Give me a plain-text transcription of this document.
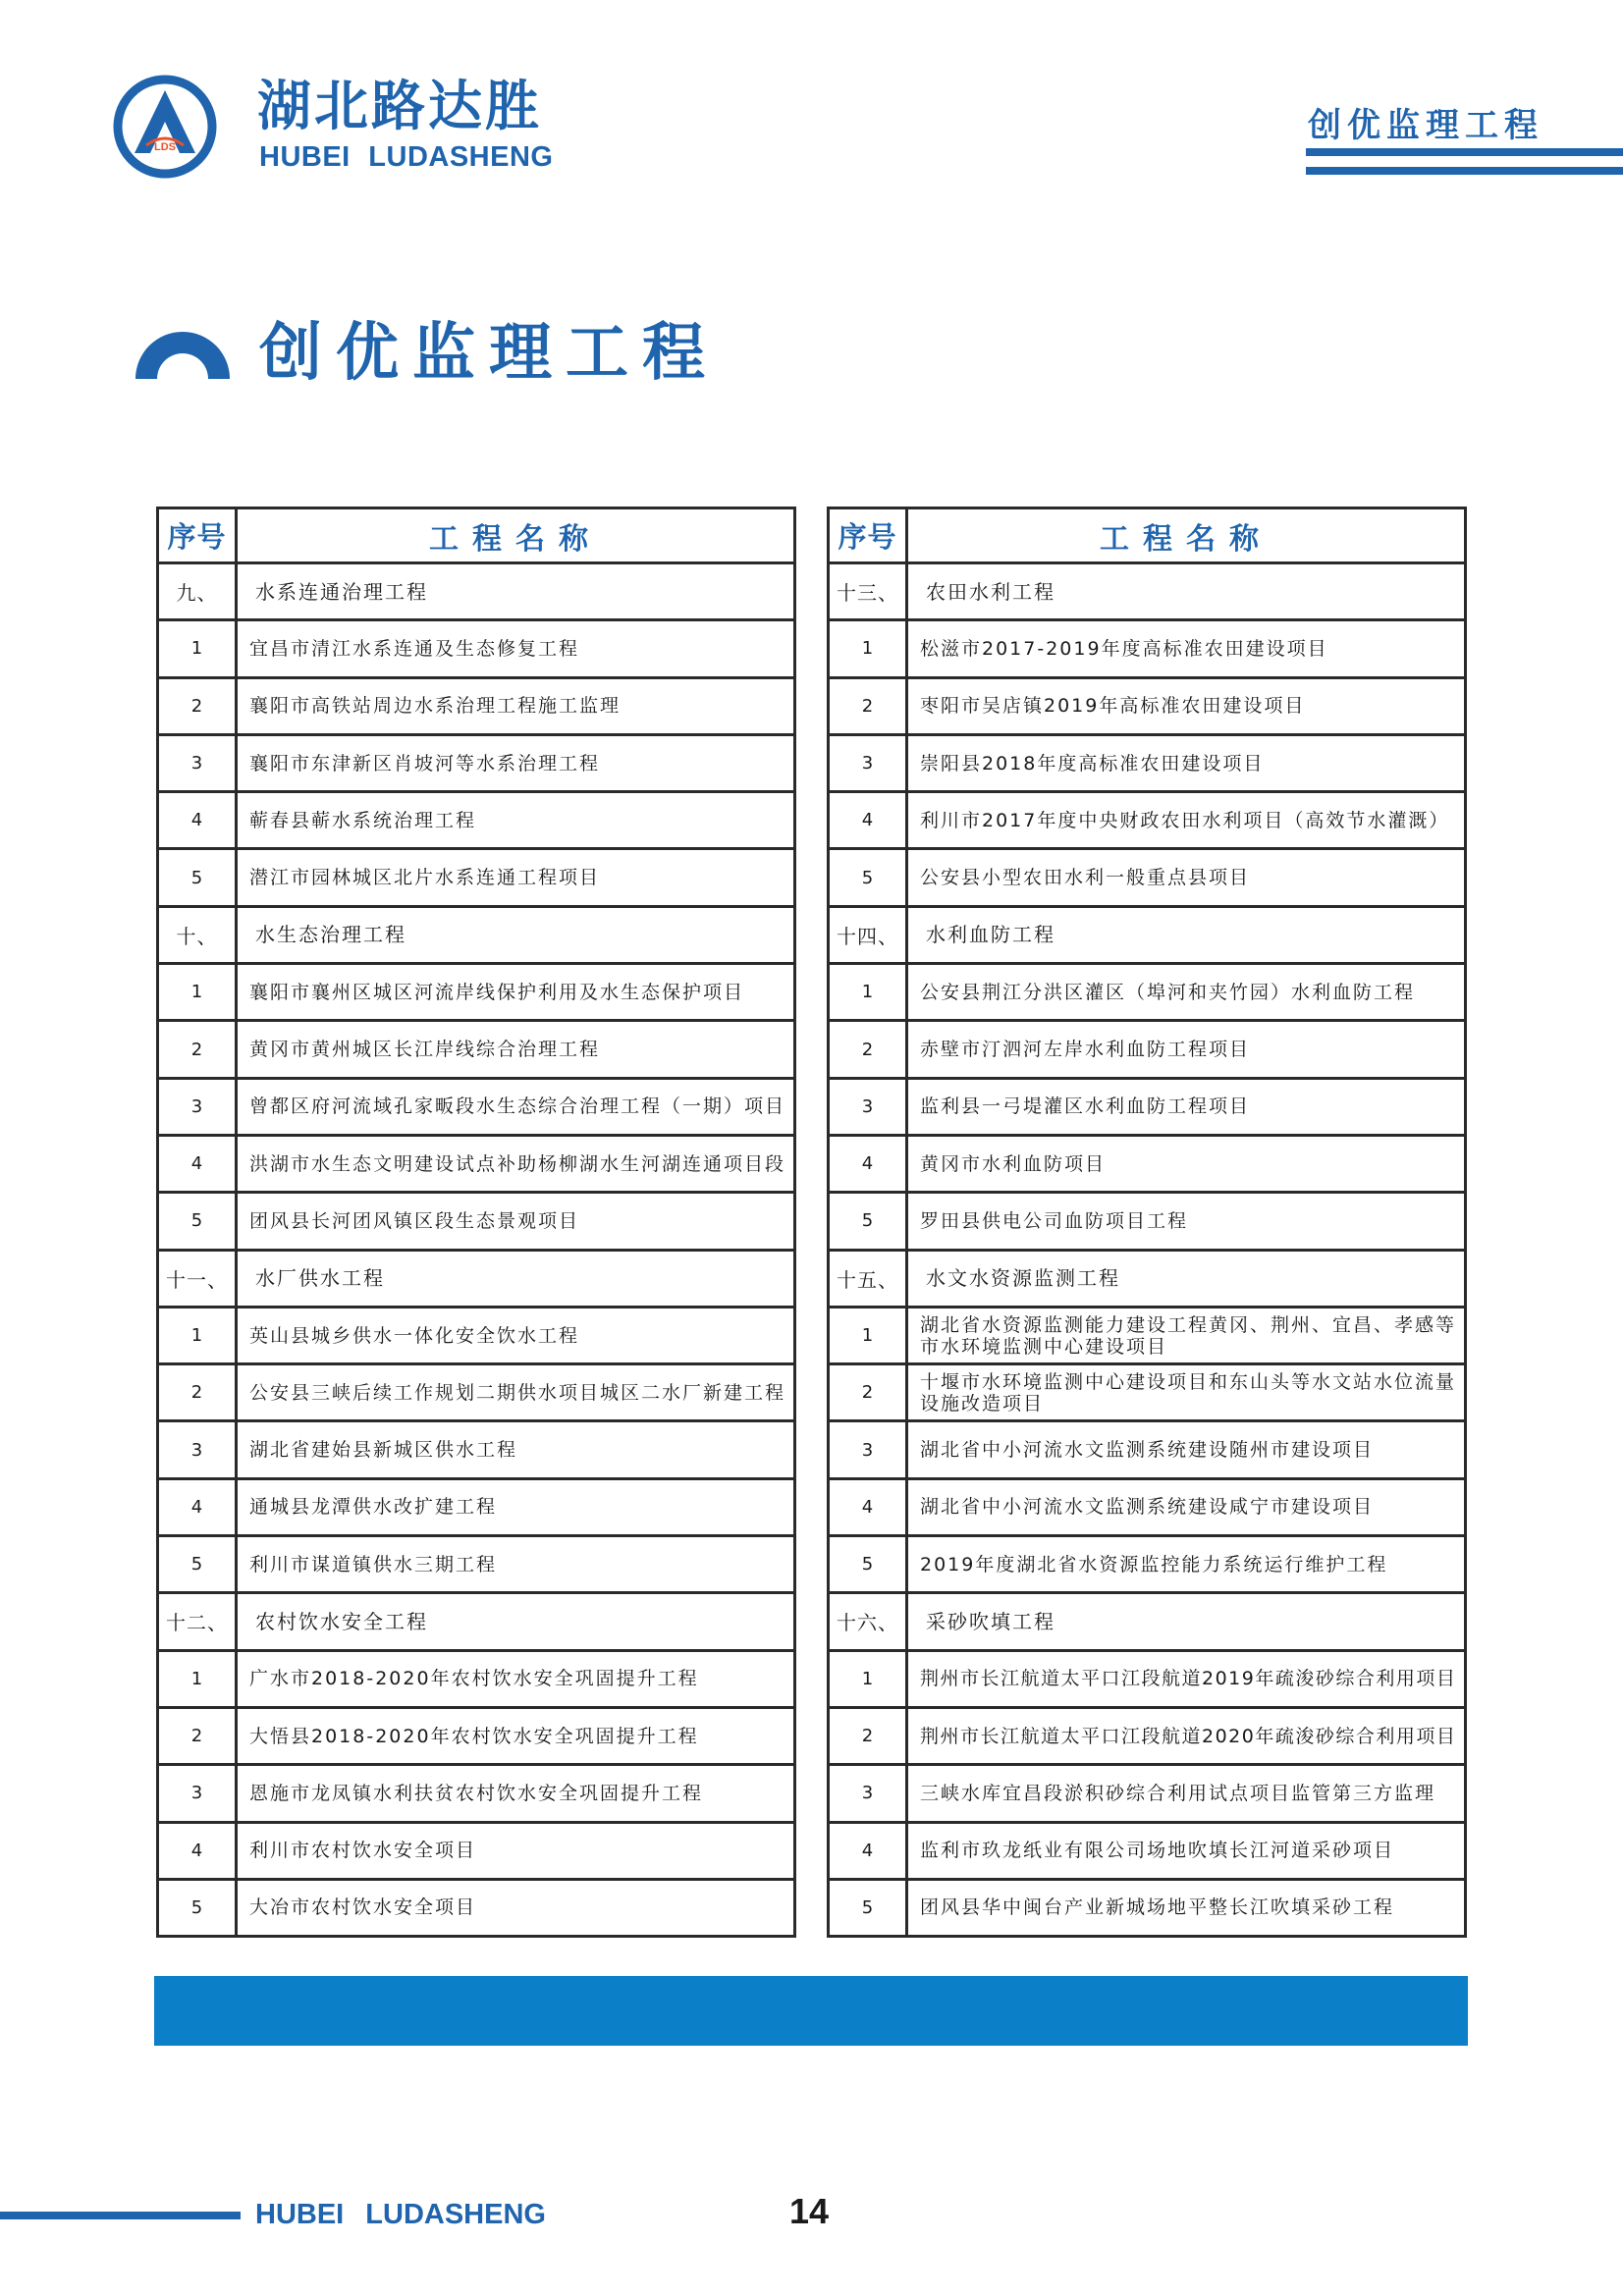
LDS
湖北路达胜
HUBEI LUDASHENG
创优监理工程
创优监理工程
序号	工程名称
九、	水系连通治理工程
1	宜昌市清江水系连通及生态修复工程
2	襄阳市高铁站周边水系治理工程施工监理
3	襄阳市东津新区肖坡河等水系治理工程
4	蕲春县蕲水系统治理工程
5	潜江市园林城区北片水系连通工程项目
十、	水生态治理工程
1	襄阳市襄州区城区河流岸线保护利用及水生态保护项目
2	黄冈市黄州城区长江岸线综合治理工程
3	曾都区府河流域孔家畈段水生态综合治理工程（一期）项目
4	洪湖市水生态文明建设试点补助杨柳湖水生河湖连通项目段
5	团风县长河团风镇区段生态景观项目
十一、	水厂供水工程
1	英山县城乡供水一体化安全饮水工程
2	公安县三峡后续工作规划二期供水项目城区二水厂新建工程
3	湖北省建始县新城区供水工程
4	通城县龙潭供水改扩建工程
5	利川市谋道镇供水三期工程
十二、	农村饮水安全工程
1	广水市2018-2020年农村饮水安全巩固提升工程
2	大悟县2018-2020年农村饮水安全巩固提升工程
3	恩施市龙凤镇水利扶贫农村饮水安全巩固提升工程
4	利川市农村饮水安全项目
5	大冶市农村饮水安全项目
序号	工程名称
十三、	农田水利工程
1	松滋市2017-2019年度高标准农田建设项目
2	枣阳市吴店镇2019年高标准农田建设项目
3	崇阳县2018年度高标准农田建设项目
4	利川市2017年度中央财政农田水利项目（高效节水灌溉）
5	公安县小型农田水利一般重点县项目
十四、	水利血防工程
1	公安县荆江分洪区灌区（埠河和夹竹园）水利血防工程
2	赤壁市汀泗河左岸水利血防工程项目
3	监利县一弓堤灌区水利血防工程项目
4	黄冈市水利血防项目
5	罗田县供电公司血防项目工程
十五、	水文水资源监测工程
1	湖北省水资源监测能力建设工程黄冈、荆州、宜昌、孝感等市水环境监测中心建设项目
2	十堰市水环境监测中心建设项目和东山头等水文站水位流量设施改造项目
3	湖北省中小河流水文监测系统建设随州市建设项目
4	湖北省中小河流水文监测系统建设咸宁市建设项目
5	2019年度湖北省水资源监控能力系统运行维护工程
十六、	采砂吹填工程
1	荆州市长江航道太平口江段航道2019年疏浚砂综合利用项目
2	荆州市长江航道太平口江段航道2020年疏浚砂综合利用项目
3	三峡水库宜昌段淤积砂综合利用试点项目监管第三方监理
4	监利市玖龙纸业有限公司场地吹填长江河道采砂项目
5	团风县华中闽台产业新城场地平整长江吹填采砂工程
HUBEI LUDASHENG	14
